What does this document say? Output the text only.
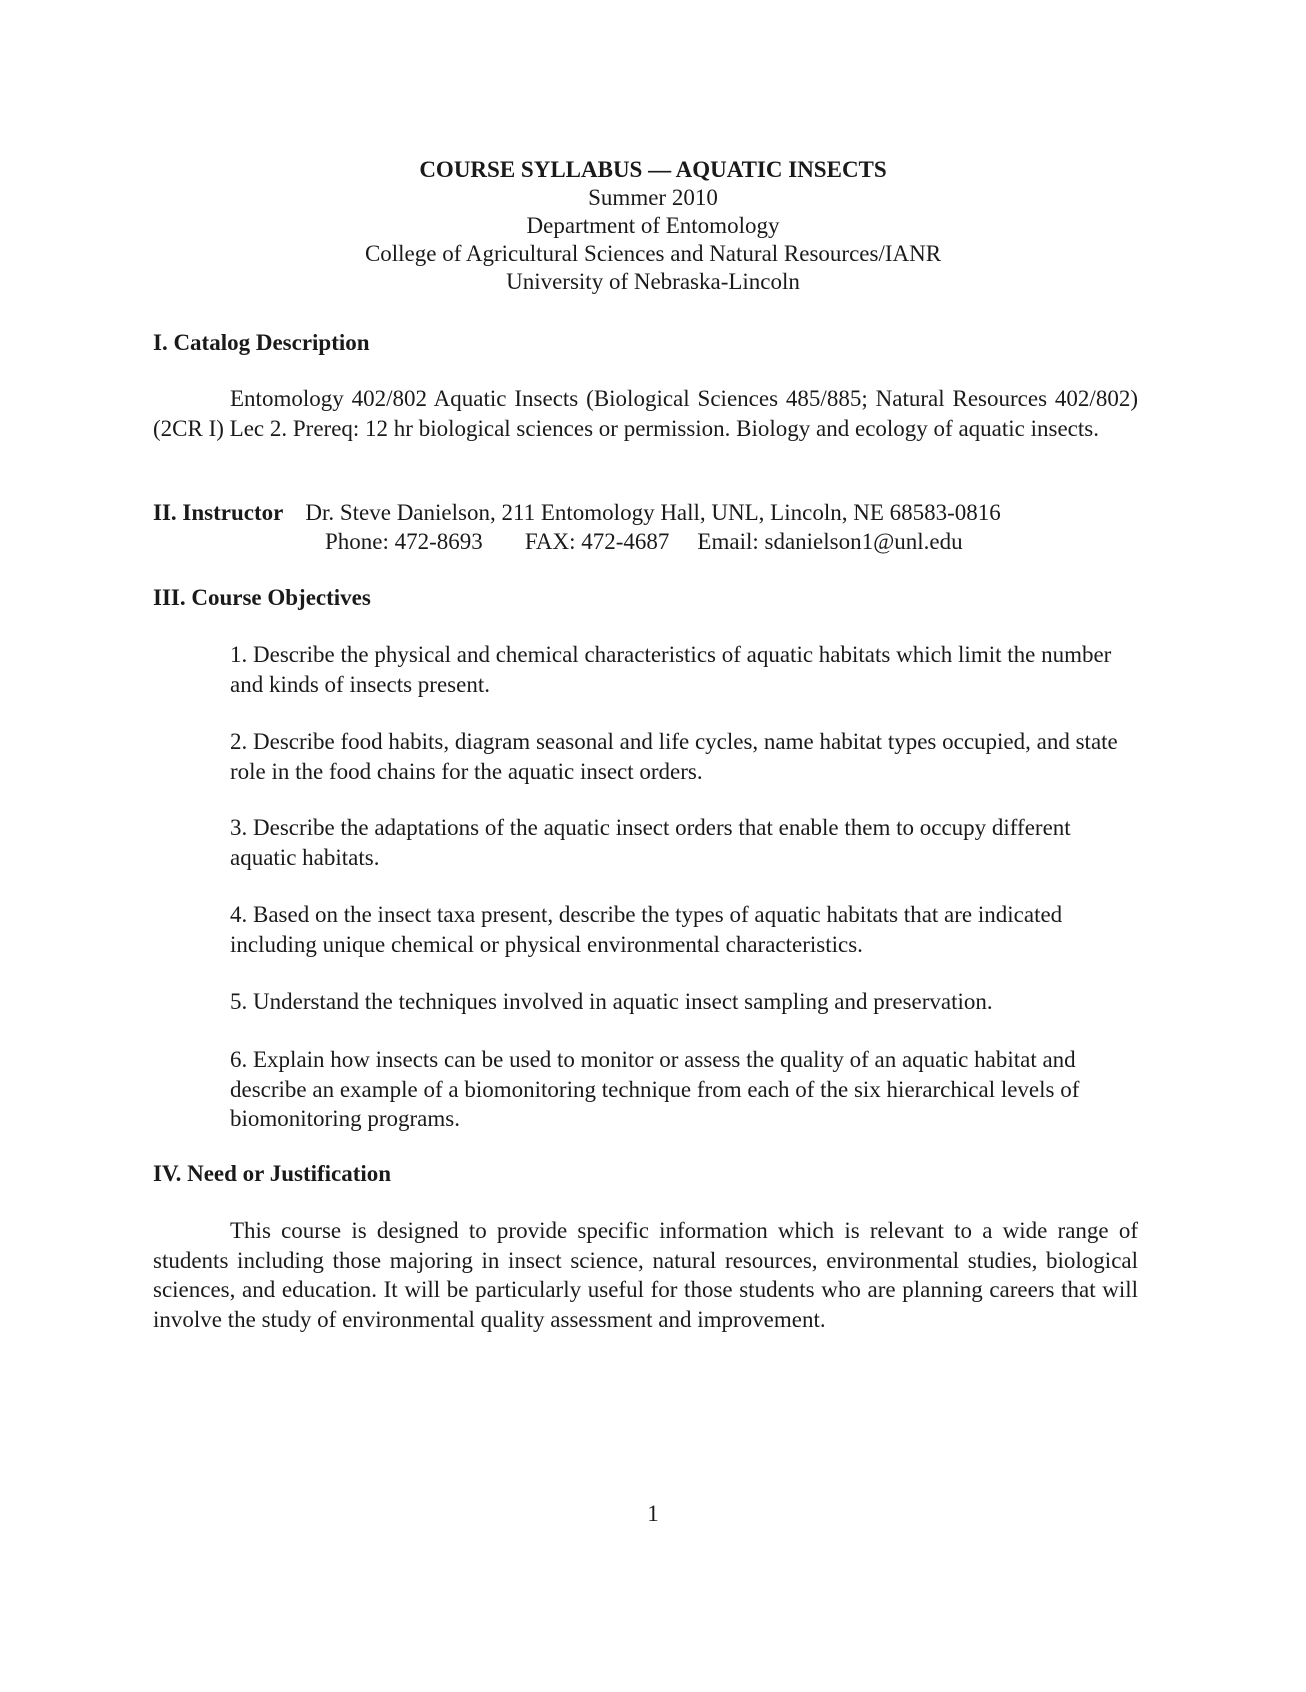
COURSE SYLLABUS — AQUATIC INSECTS
Summer 2010
Department of Entomology
College of Agricultural Sciences and Natural Resources/IANR
University of Nebraska-Lincoln
I. Catalog Description
Entomology 402/802 Aquatic Insects (Biological Sciences 485/885; Natural Resources 402/802) (2CR I) Lec 2. Prereq: 12 hr biological sciences or permission. Biology and ecology of aquatic insects.
II. Instructor Dr. Steve Danielson, 211 Entomology Hall, UNL, Lincoln, NE 68583-0816
Phone: 472-8693 FAX: 472-4687 Email: sdanielson1@unl.edu
III. Course Objectives
1. Describe the physical and chemical characteristics of aquatic habitats which limit the number and kinds of insects present.
2. Describe food habits, diagram seasonal and life cycles, name habitat types occupied, and state role in the food chains for the aquatic insect orders.
3. Describe the adaptations of the aquatic insect orders that enable them to occupy different aquatic habitats.
4. Based on the insect taxa present, describe the types of aquatic habitats that are indicated including unique chemical or physical environmental characteristics.
5. Understand the techniques involved in aquatic insect sampling and preservation.
6. Explain how insects can be used to monitor or assess the quality of an aquatic habitat and describe an example of a biomonitoring technique from each of the six hierarchical levels of biomonitoring programs.
IV. Need or Justification
This course is designed to provide specific information which is relevant to a wide range of students including those majoring in insect science, natural resources, environmental studies, biological sciences, and education. It will be particularly useful for those students who are planning careers that will involve the study of environmental quality assessment and improvement.
1
